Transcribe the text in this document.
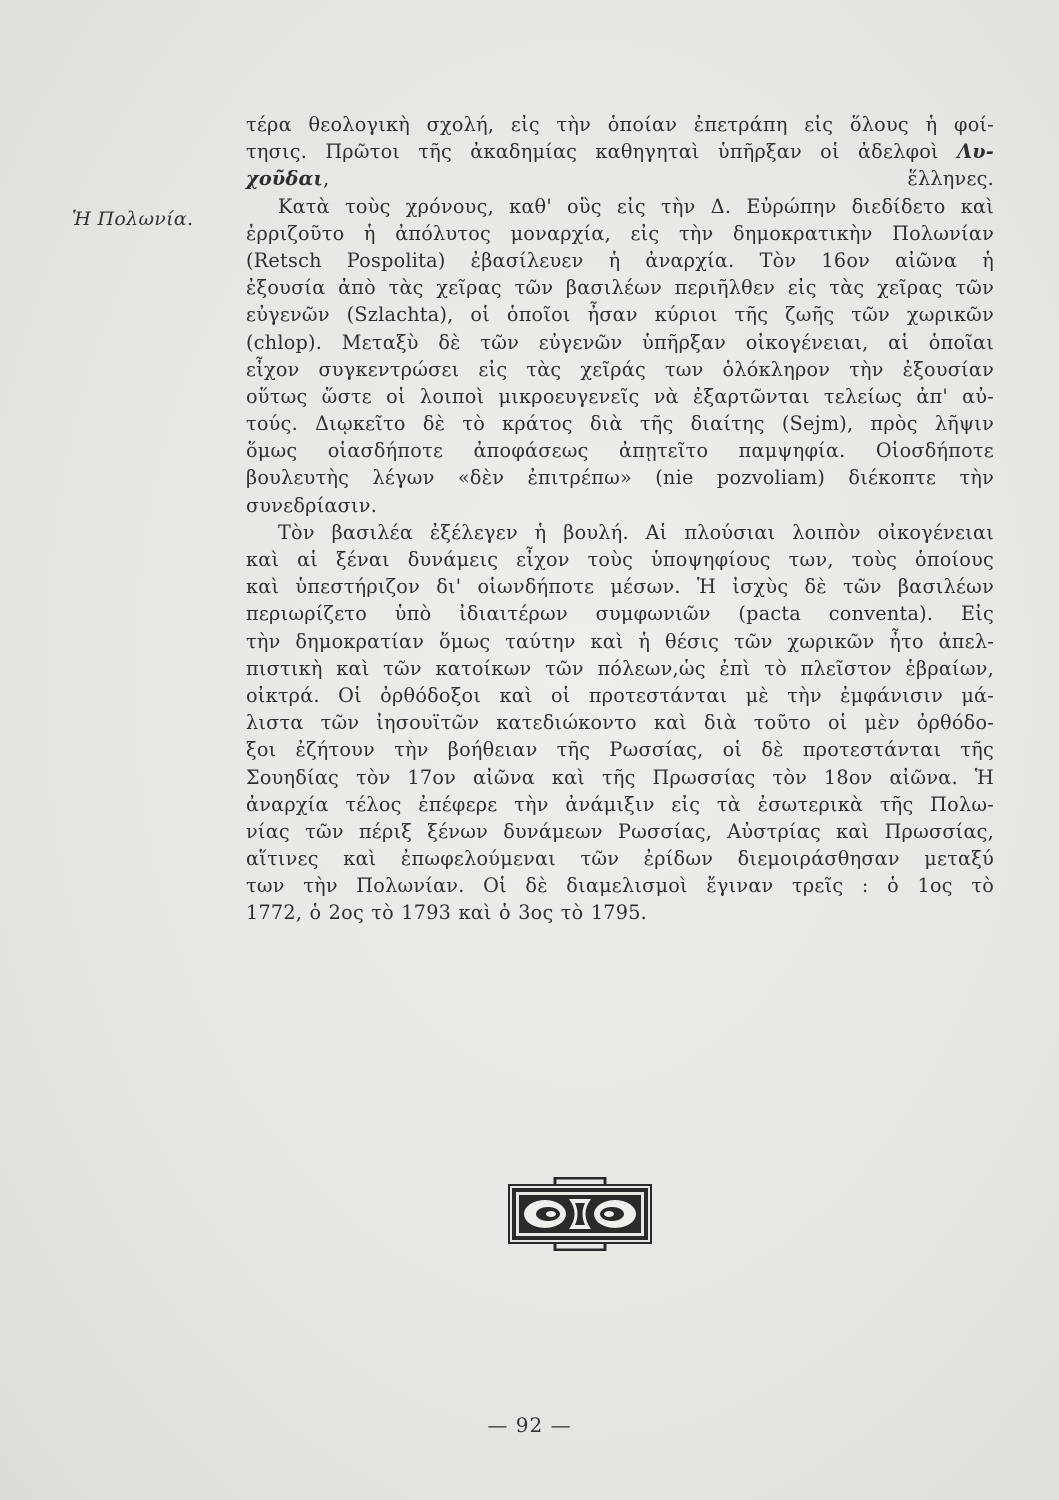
Ἡ Πολωνία.
τέρα θεολογικὴ σχολή, εἰς τὴν ὁποίαν ἐπετράπη εἰς ὅλους ἡ φοί-
τησις. Πρῶτοι τῆς ἀκαδημίας καθηγηταὶ ὑπῆρξαν οἱ ἀδελφοὶ Λυ-
χοῦδαι, ἕλληνες.
Κατὰ τοὺς χρόνους, καθ' οὓς εἰς τὴν Δ. Εὐρώπην διεδίδετο καὶ
ἐρριζοῦτο ἡ ἀπόλυτος μοναρχία, εἰς τὴν δημοκρατικὴν Πολωνίαν
(Retsch Pospolita) ἐβασίλευεν ἡ ἀναρχία. Τὸν 16ον αἰῶνα ἡ
ἐξουσία ἀπὸ τὰς χεῖρας τῶν βασιλέων περιῆλθεν εἰς τὰς χεῖρας τῶν
εὐγενῶν (Szlachta), οἱ ὁποῖοι ἦσαν κύριοι τῆς ζωῆς τῶν χωρικῶν
(chlop). Μεταξὺ δὲ τῶν εὐγενῶν ὑπῆρξαν οἰκογένειαι, αἱ ὁποῖαι
εἶχον συγκεντρώσει εἰς τὰς χεῖράς των ὁλόκληρον τὴν ἐξουσίαν
οὕτως ὥστε οἱ λοιποὶ μικροευγενεῖς νὰ ἐξαρτῶνται τελείως ἀπ' αὐ-
τούς. Διῳκεῖτο δὲ τὸ κράτος διὰ τῆς διαίτης (Sejm), πρὸς λῆψιν
ὅμως οἱασδήποτε ἀποφάσεως ἀπῃτεῖτο παμψηφία. Οἱοσδήποτε
βουλευτὴς λέγων «δὲν ἐπιτρέπω» (nie pozvoliam) διέκοπτε τὴν
συνεδρίασιν.
Τὸν βασιλέα ἐξέλεγεν ἡ βουλή. Αἱ πλούσιαι λοιπὸν οἰκογένειαι
καὶ αἱ ξέναι δυνάμεις εἶχον τοὺς ὑποψηφίους των, τοὺς ὁποίους
καὶ ὑπεστήριζον δι' οἱωνδήποτε μέσων. Ἡ ἰσχὺς δὲ τῶν βασιλέων
περιωρίζετο ὑπὸ ἰδιαιτέρων συμφωνιῶν (pacta conventa). Εἰς
τὴν δημοκρατίαν ὅμως ταύτην καὶ ἡ θέσις τῶν χωρικῶν ἦτο ἀπελ-
πιστικὴ καὶ τῶν κατοίκων τῶν πόλεων,ὡς ἐπὶ τὸ πλεῖστον ἑβραίων,
οἰκτρά. Οἱ ὀρθόδοξοι καὶ οἱ προτεστάνται μὲ τὴν ἐμφάνισιν μά-
λιστα τῶν ἰησουϊτῶν κατεδιώκοντο καὶ διὰ τοῦτο οἱ μὲν ὀρθόδο-
ξοι ἐζήτουν τὴν βοήθειαν τῆς Ρωσσίας, οἱ δὲ προτεστάνται τῆς
Σουηδίας τὸν 17ον αἰῶνα καὶ τῆς Πρωσσίας τὸν 18ον αἰῶνα. Ἡ
ἀναρχία τέλος ἐπέφερε τὴν ἀνάμιξιν εἰς τὰ ἐσωτερικὰ τῆς Πολω-
νίας τῶν πέριξ ξένων δυνάμεων Ρωσσίας, Αὐστρίας καὶ Πρωσσίας,
αἵτινες καὶ ἐπωφελούμεναι τῶν ἐρίδων διεμοιράσθησαν μεταξύ
των τὴν Πολωνίαν. Οἱ δὲ διαμελισμοὶ ἔγιναν τρεῖς : ὁ 1ος τὸ
1772, ὁ 2ος τὸ 1793 καὶ ὁ 3ος τὸ 1795.
— 92 —
